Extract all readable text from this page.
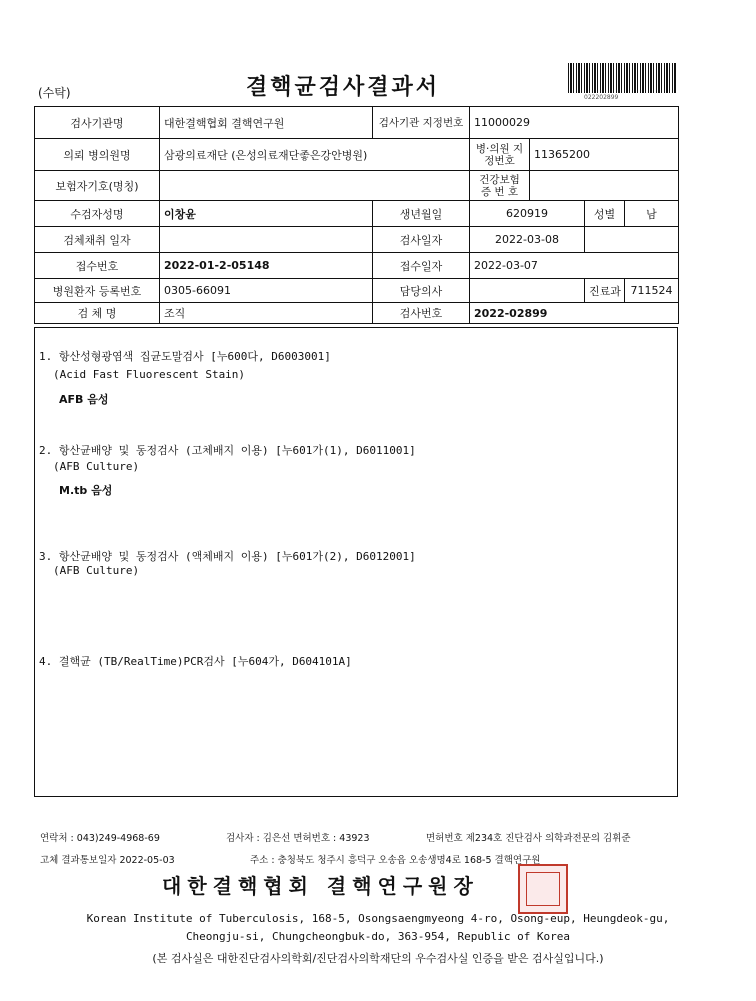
(수탁)	결핵균검사결과서	022202899
검사기관명	대한결핵협회 결핵연구원	검사기관 지정번호	11000029			
의뢰 병의원명	삼광의료재단 (은성의료재단좋은강안병원)		병·의원 지정번호	11365200		
보험자기호(명칭)			건강보험 증 번 호			
수검자성명	이창윤	생년월일	620919		성별	남
검체채취 일자		검사일자	2022-03-08			
접수번호	2022-01-2-05148	접수일자	2022-03-07			
병원환자 등록번호	0305-66091	담당의사			진료과	711524
검 체 명	조직	검사번호	2022-02899			
1. 항산성형광염색 집균도말검사 [누600다, D6003001]
(Acid Fast Fluorescent Stain)
AFB 음성
2. 항산균배양 및 동정검사 (고체배지 이용) [누601가(1), D6011001]
(AFB Culture)
M.tb 음성
3. 항산균배양 및 동정검사 (액체배지 이용) [누601가(2), D6012001]
(AFB Culture)
4. 결핵균 (TB/RealTime)PCR검사 [누604가, D604101A]
연락처 : 043)249-4968-69	검사자 : 김은선 면허번호 : 43923	면허번호 제234호 진단검사 의학과전문의 김휘준
고체 결과통보일자 2022-05-03	주소 : 충청북도 청주시 흥덕구 오송읍 오송생명4로 168-5 결핵연구원
대한결핵협회 결핵연구원장
Korean Institute of Tuberculosis, 168-5, Osongsaengmyeong 4-ro, Osong-eup, Heungdeok-gu,
Cheongju-si, Chungcheongbuk-do, 363-954, Republic of Korea
(본 검사실은 대한진단검사의학회/진단검사의학재단의 우수검사실 인증을 받은 검사실입니다.)
